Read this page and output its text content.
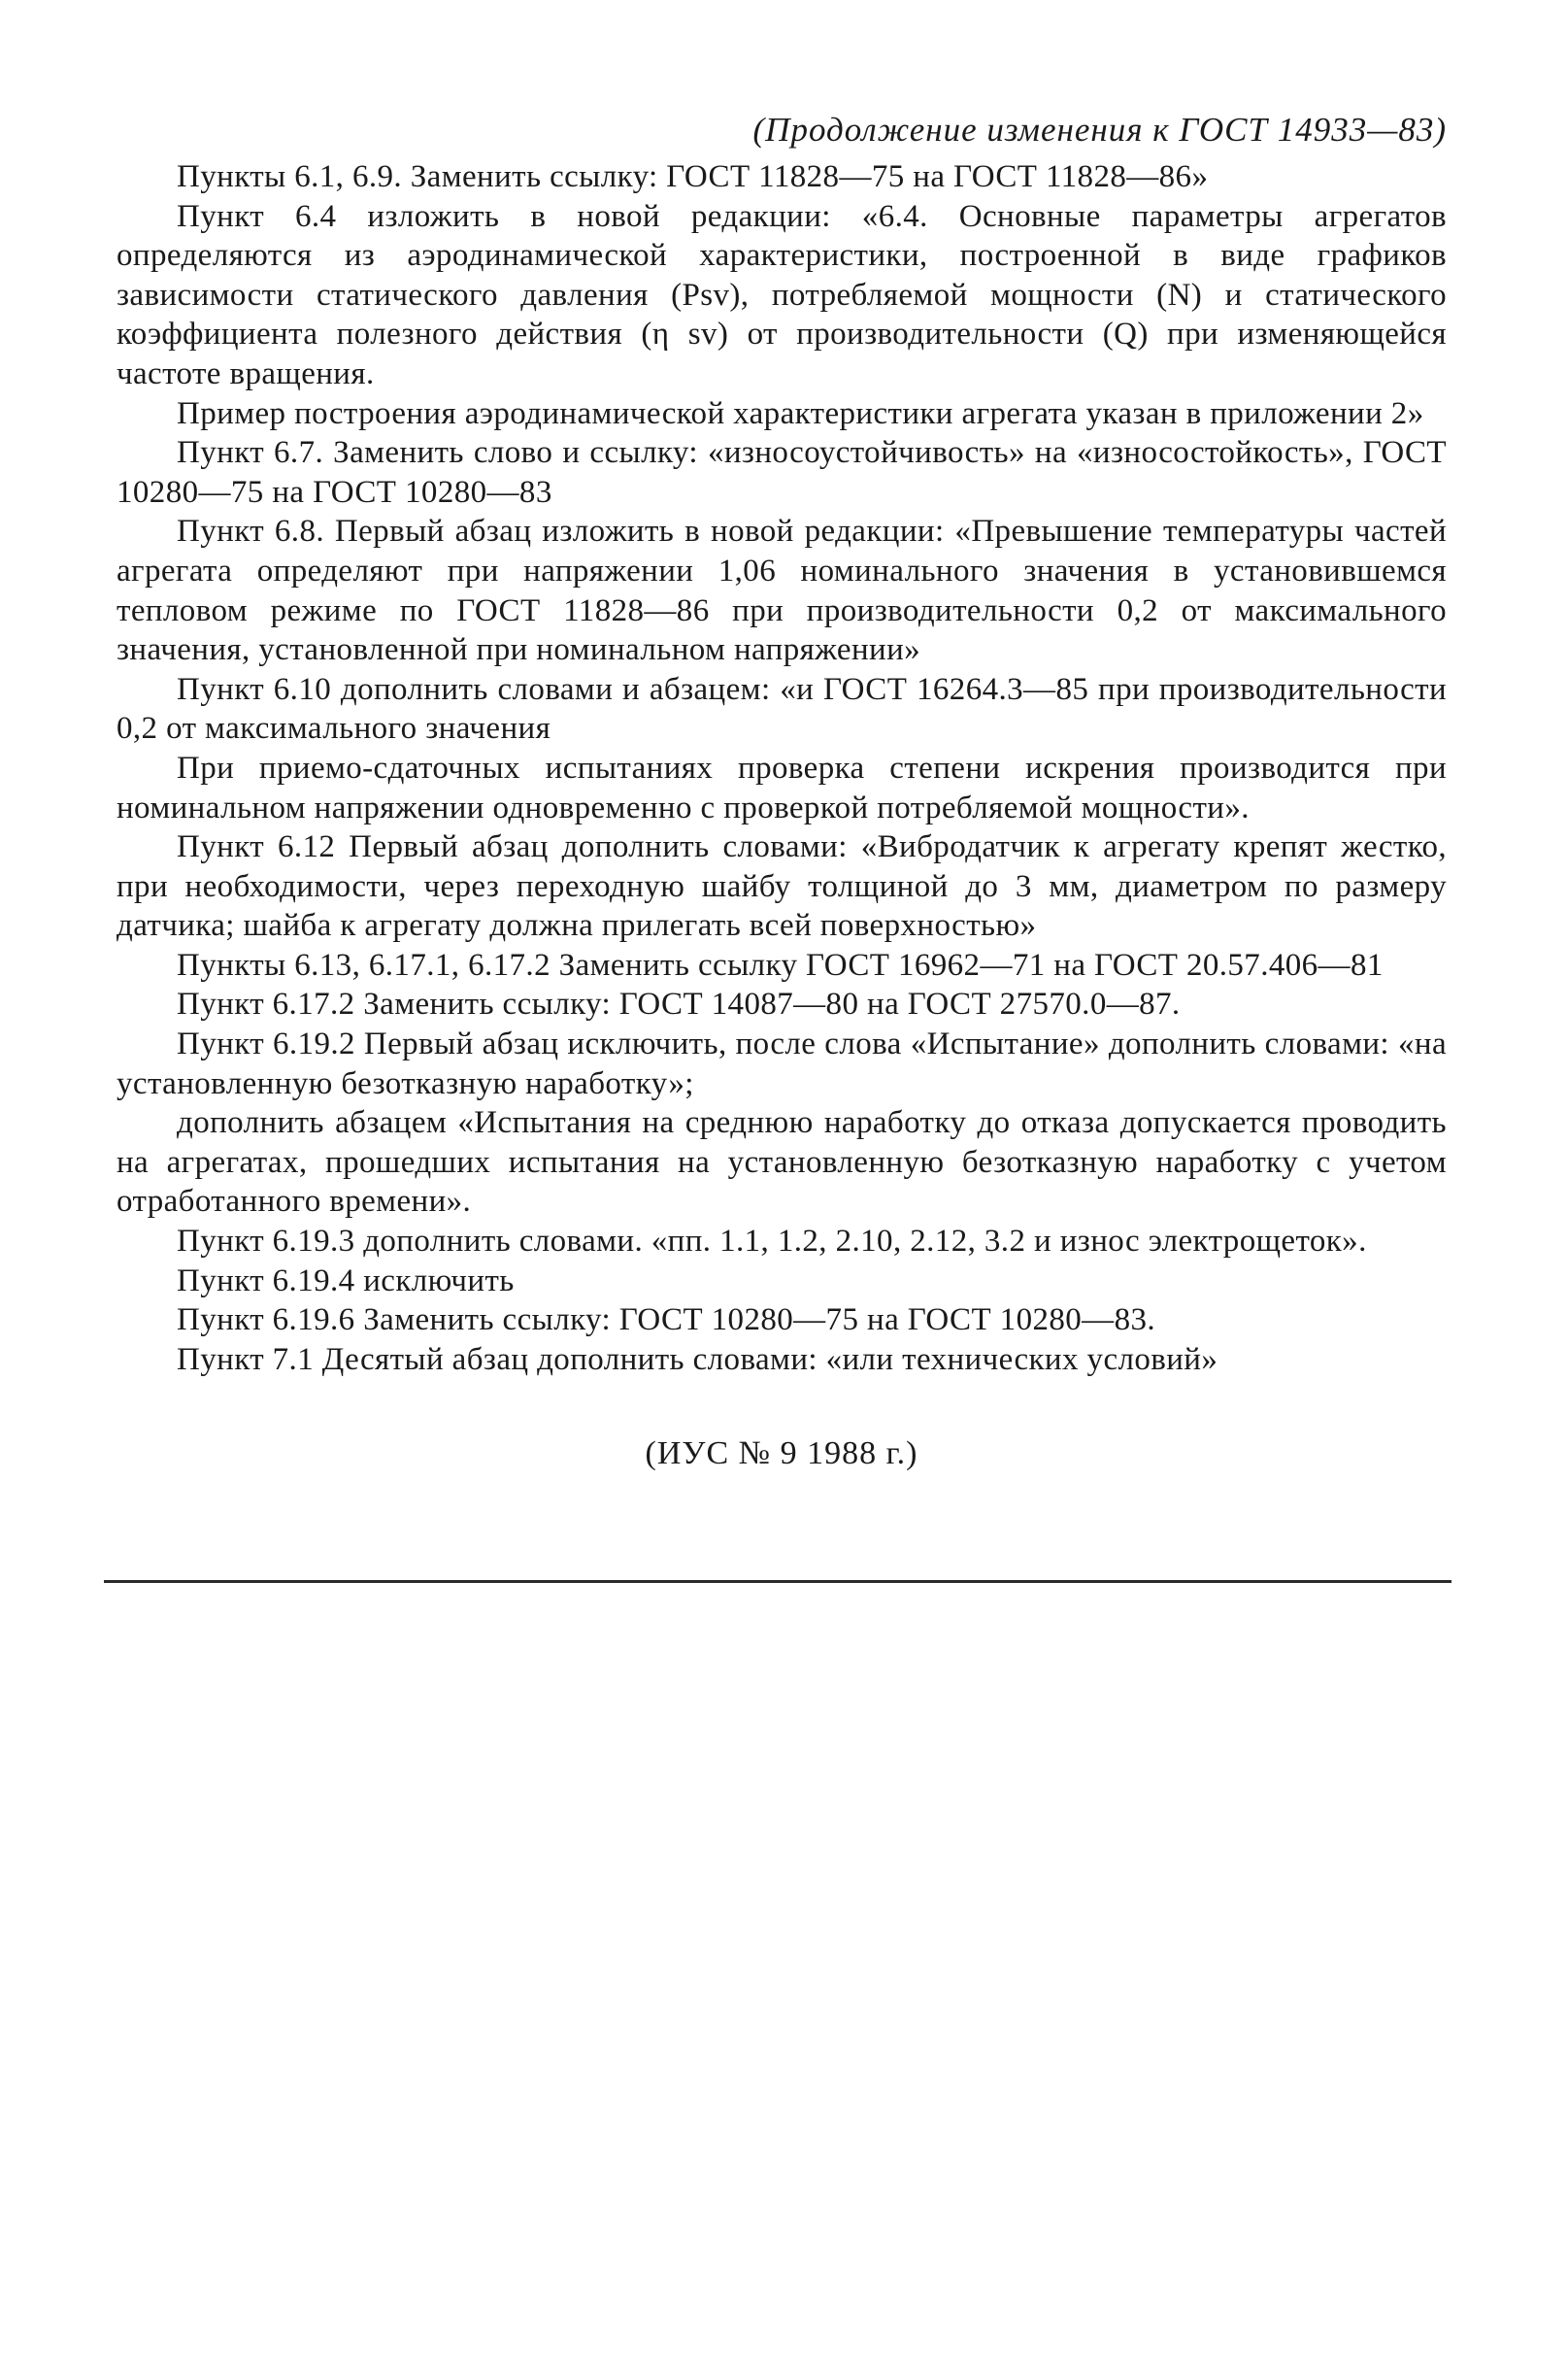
(Продолжение изменения к ГОСТ 14933—83)

Пункты 6.1, 6.9. Заменить ссылку: ГОСТ 11828—75 на ГОСТ 11828—86»

Пункт 6.4 изложить в новой редакции: «6.4. Основные параметры агрегатов определяются из аэродинамической характеристики, построенной в виде графиков зависимости статического давления (Psv), потребляемой мощности (N) и статического коэффициента полезного действия (η sv) от производительности (Q) при изменяющейся частоте вращения.

Пример построения аэродинамической характеристики агрегата указан в приложении 2»

Пункт 6.7. Заменить слово и ссылку: «износоустойчивость» на «износостойкость», ГОСТ 10280—75 на ГОСТ 10280—83

Пункт 6.8. Первый абзац изложить в новой редакции: «Превышение температуры частей агрегата определяют при напряжении 1,06 номинального значения в установившемся тепловом режиме по ГОСТ 11828—86 при производительности 0,2 от максимального значения, установленной при номинальном напряжении»

Пункт 6.10 дополнить словами и абзацем: «и ГОСТ 16264.3—85 при производительности 0,2 от максимального значения

При приемо-сдаточных испытаниях проверка степени искрения производится при номинальном напряжении одновременно с проверкой потребляемой мощности».

Пункт 6.12 Первый абзац дополнить словами: «Вибродатчик к агрегату крепят жестко, при необходимости, через переходную шайбу толщиной до 3 мм, диаметром по размеру датчика; шайба к агрегату должна прилегать всей поверхностью»

Пункты 6.13, 6.17.1, 6.17.2 Заменить ссылку ГОСТ 16962—71 на ГОСТ 20.57.406—81

Пункт 6.17.2 Заменить ссылку: ГОСТ 14087—80 на ГОСТ 27570.0—87.

Пункт 6.19.2 Первый абзац исключить, после слова «Испытание» дополнить словами: «на установленную безотказную наработку»;

дополнить абзацем «Испытания на среднюю наработку до отказа допускается проводить на агрегатах, прошедших испытания на установленную безотказную наработку с учетом отработанного времени».

Пункт 6.19.3 дополнить словами. «пп. 1.1, 1.2, 2.10, 2.12, 3.2 и износ электрощеток».

Пункт 6.19.4 исключить

Пункт 6.19.6 Заменить ссылку: ГОСТ 10280—75 на ГОСТ 10280—83.

Пункт 7.1 Десятый абзац дополнить словами: «или технических условий»

(ИУС № 9 1988 г.)
